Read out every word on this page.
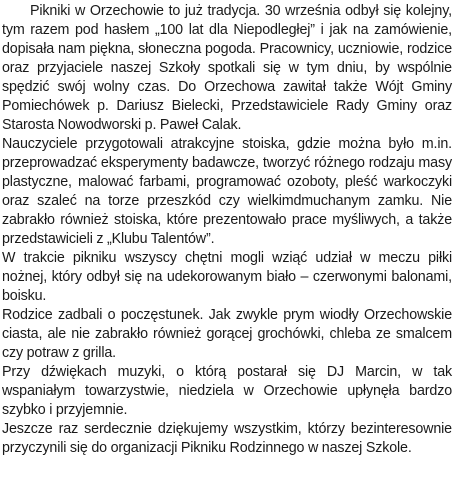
Pikniki w Orzechowie to już tradycja. 30 września odbył się kolejny, tym razem pod hasłem „100 lat dla Niepodległej” i jak na zamówienie, dopisała nam piękna, słoneczna pogoda. Pracownicy, uczniowie, rodzice oraz przyjaciele naszej Szkoły spotkali się w tym dniu, by wspólnie spędzić swój wolny czas. Do Orzechowa zawitał także Wójt Gminy Pomiechówek p. Dariusz Bielecki, Przedstawiciele Rady Gminy oraz Starosta Nowodworski p. Paweł Calak.

Nauczyciele przygotowali atrakcyjne stoiska, gdzie można było m.in. przeprowadzać eksperymenty badawcze, tworzyć różnego rodzaju masy plastyczne, malować farbami, programować ozoboty, pleść warkoczyki oraz szaleć na torze przeszkód czy wielkimdmuchanym zamku. Nie zabrakło również stoiska, które prezentowało prace myśliwych, a także przedstawicieli z „Klubu Talentów”.

W trakcie pikniku wszyscy chętni mogli wziąć udział w meczu piłki nożnej, który odbył się na udekorowanym biało – czerwonymi balonami, boisku.

Rodzice zadbali o poczęstunek. Jak zwykle prym wiodły Orzechowskie ciasta, ale nie zabrakło również gorącej grochówki, chleba ze smalcem czy potraw z grilla.

Przy dźwiękach muzyki, o którą postarał się DJ Marcin, w tak wspaniałym towarzystwie, niedziela w Orzechowie upłynęła bardzo szybko i przyjemnie.

Jeszcze raz serdecznie dziękujemy wszystkim, którzy bezinteresownie przyczynili się do organizacji Pikniku Rodzinnego w naszej Szkole.
